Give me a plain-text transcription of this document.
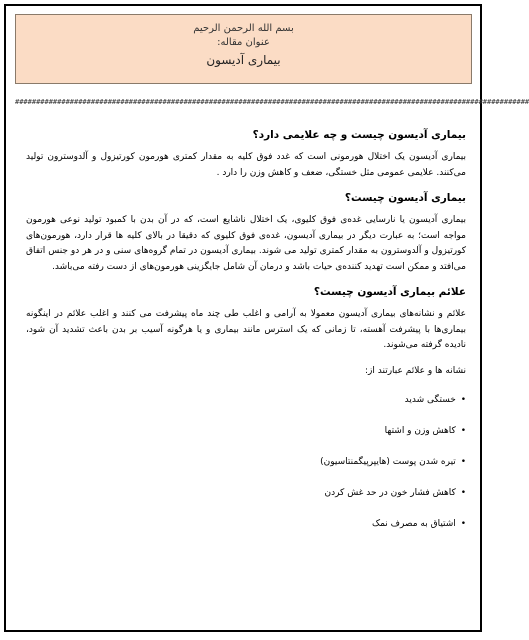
بسم الله الرحمن الرحیم
عنوان مقاله:
بیماری آدیسون
##########################################################################################################################
بیماری آدیسون چیست و چه علایمی دارد؟

بیماری آدیسون یک اختلال هورمونی است که غدد فوق کلیه به مقدار کمتری هورمون کورتیزول و آلدوسترون تولید می‌کنند. علایمی عمومی مثل خستگی، ضعف و کاهش وزن را دارد .

بیماری آدیسون چیست؟

بیماری آدیسون یا نارسایی غده‌ی فوق کلیوی، یک اختلال ناشایع است، که در آن بدن با کمبود تولید نوعی هورمون مواجه است؛ به عبارت دیگر در بیماری آدیسون، غده‌ی فوق کلیوی که دقیقا در بالای کلیه ها قرار دارد، هورمون‌های کورتیزول و آلدوسترون به مقدار کمتری تولید می شوند. بیماری آدیسون در تمام گروه‌های سنی و در هر دو جنس اتفاق می‌افتد و ممکن است تهدید کننده‌ی حیات باشد و درمان آن شامل جایگزینی هورمون‌های از دست رفته می‌باشد.

علائم بیماری آدیسون چیست؟

علائم و نشانه‌های بیماری آدیسون معمولا به آرامی و اغلب طی چند ماه پیشرفت می کنند و اغلب علائم در اینگونه بیماری‌ها با پیشرفت آهسته، تا زمانی که یک استرس مانند بیماری و یا هرگونه آسیب بر بدن باعث تشدید آن شود، نادیده گرفته می‌شوند.

نشانه ها و علائم عبارتند از:

• خستگی شدید
• کاهش وزن و اشتها
• تیره شدن پوست (هایپرپیگمنتاسیون)
• کاهش فشار خون در حد غش کردن
• اشتیاق به مصرف نمک
